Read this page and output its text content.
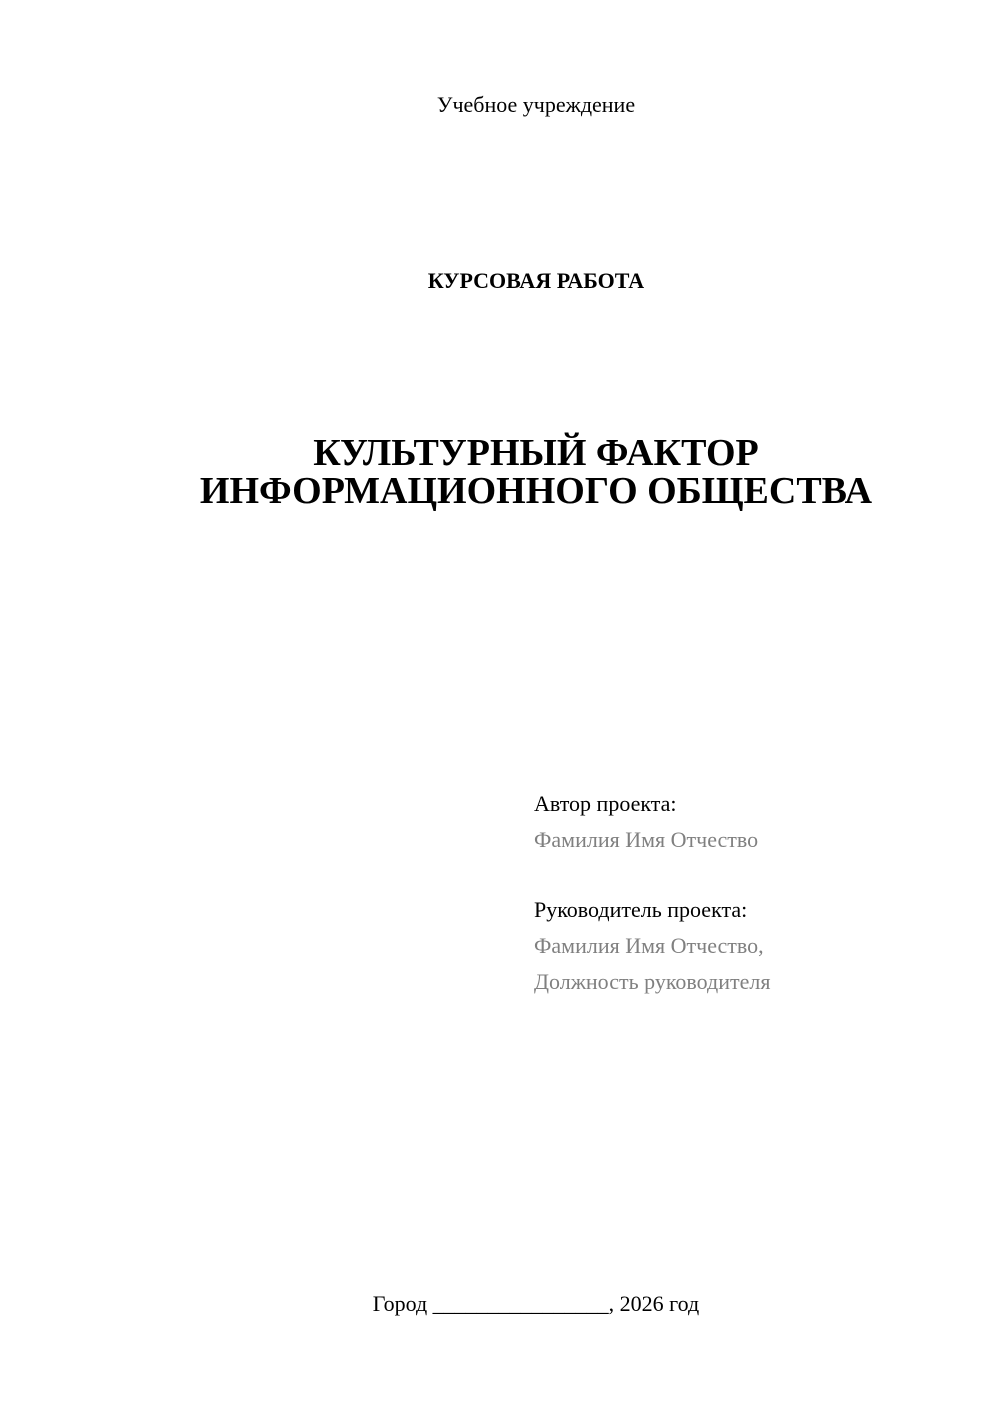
Учебное учреждение
КУРСОВАЯ РАБОТА
КУЛЬТУРНЫЙ ФАКТОР
ИНФОРМАЦИОННОГО ОБЩЕСТВА
Автор проекта:
Фамилия Имя Отчество
Руководитель проекта:
Фамилия Имя Отчество,
Должность руководителя
Город ________________, 2026 год
